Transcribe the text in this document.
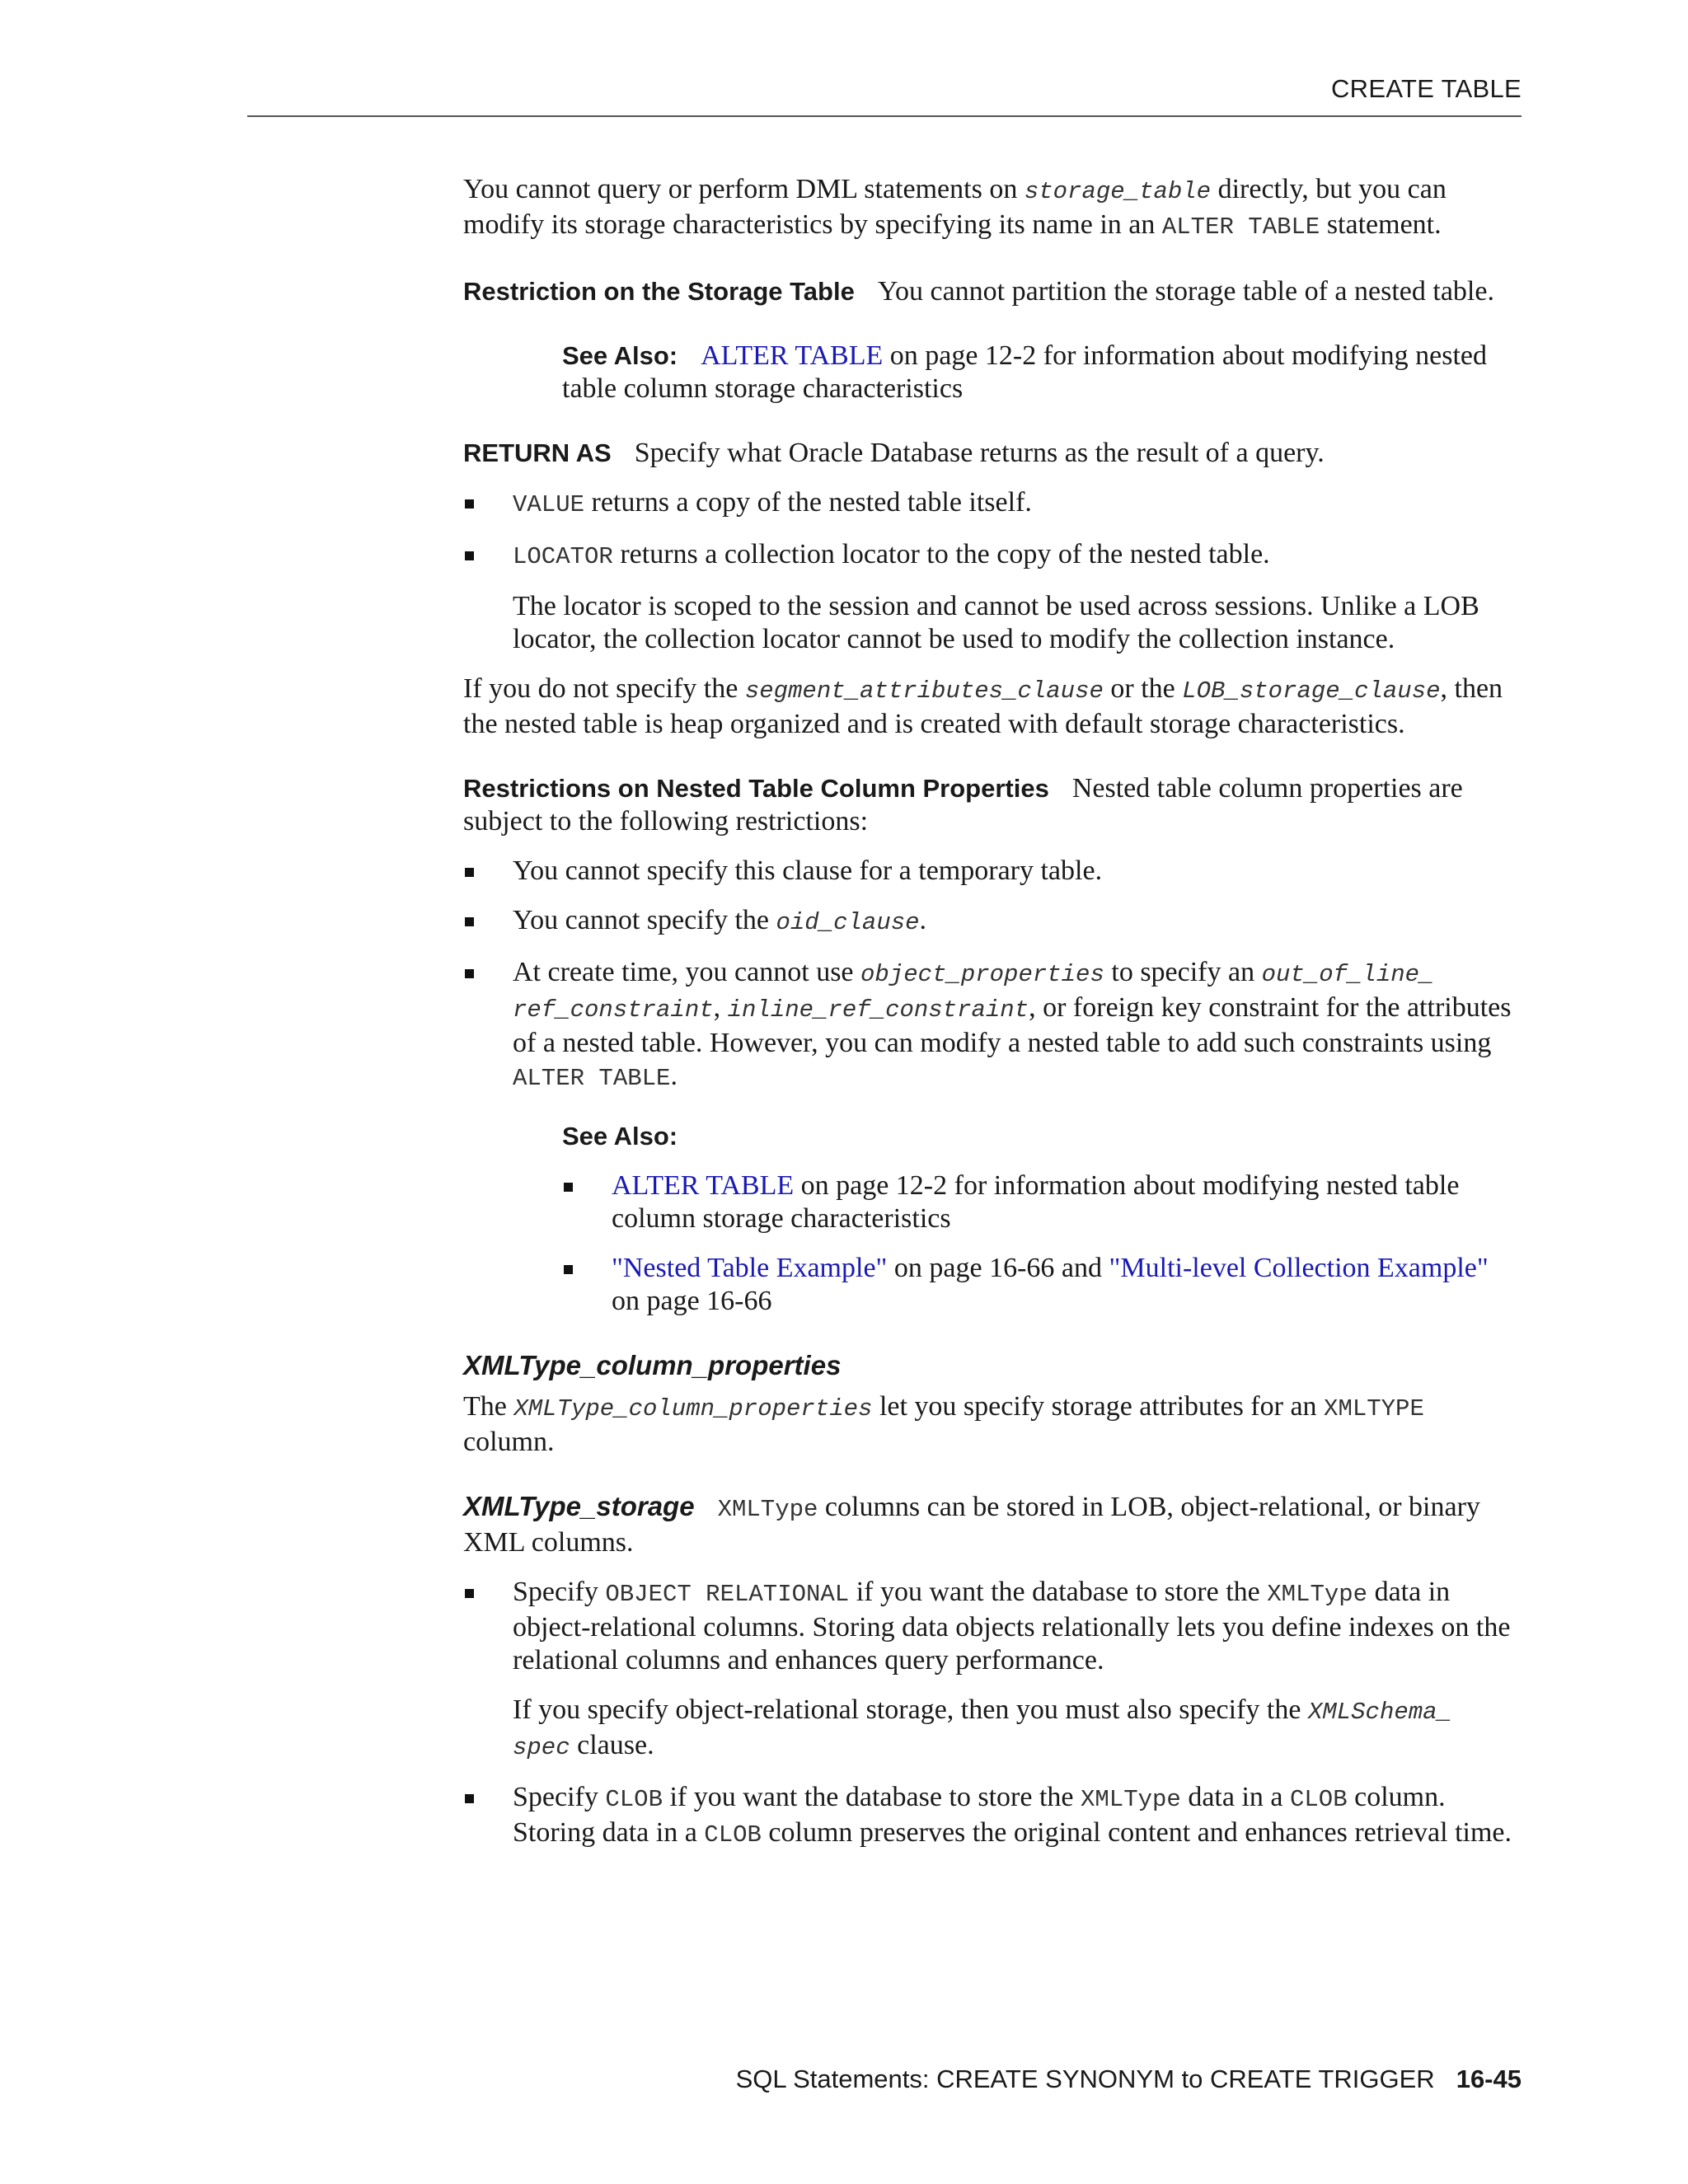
CREATE TABLE

You cannot query or perform DML statements on storage_table directly, but you can modify its storage characteristics by specifying its name in an ALTER TABLE statement.

Restriction on the Storage Table You cannot partition the storage table of a nested table.

See Also: ALTER TABLE on page 12-2 for information about modifying nested table column storage characteristics

RETURN AS Specify what Oracle Database returns as the result of a query.

VALUE returns a copy of the nested table itself.
LOCATOR returns a collection locator to the copy of the nested table.

The locator is scoped to the session and cannot be used across sessions. Unlike a LOB locator, the collection locator cannot be used to modify the collection instance.

If you do not specify the segment_attributes_clause or the LOB_storage_clause, then the nested table is heap organized and is created with default storage characteristics.

Restrictions on Nested Table Column Properties Nested table column properties are subject to the following restrictions:

You cannot specify this clause for a temporary table.
You cannot specify the oid_clause.
At create time, you cannot use object_properties to specify an out_of_line_ ref_constraint, inline_ref_constraint, or foreign key constraint for the attributes of a nested table. However, you can modify a nested table to add such constraints using ALTER TABLE.

See Also:

ALTER TABLE on page 12-2 for information about modifying nested table column storage characteristics
"Nested Table Example" on page 16-66 and "Multi-level Collection Example" on page 16-66

XMLType_column_properties

The XMLType_column_properties let you specify storage attributes for an XMLTYPE column.

XMLType_storage XMLType columns can be stored in LOB, object-relational, or binary XML columns.

Specify OBJECT RELATIONAL if you want the database to store the XMLType data in object-relational columns. Storing data objects relationally lets you define indexes on the relational columns and enhances query performance.

If you specify object-relational storage, then you must also specify the XMLSchema_ spec clause.

Specify CLOB if you want the database to store the XMLType data in a CLOB column. Storing data in a CLOB column preserves the original content and enhances retrieval time.
SQL Statements: CREATE SYNONYM to CREATE TRIGGER 16-45
